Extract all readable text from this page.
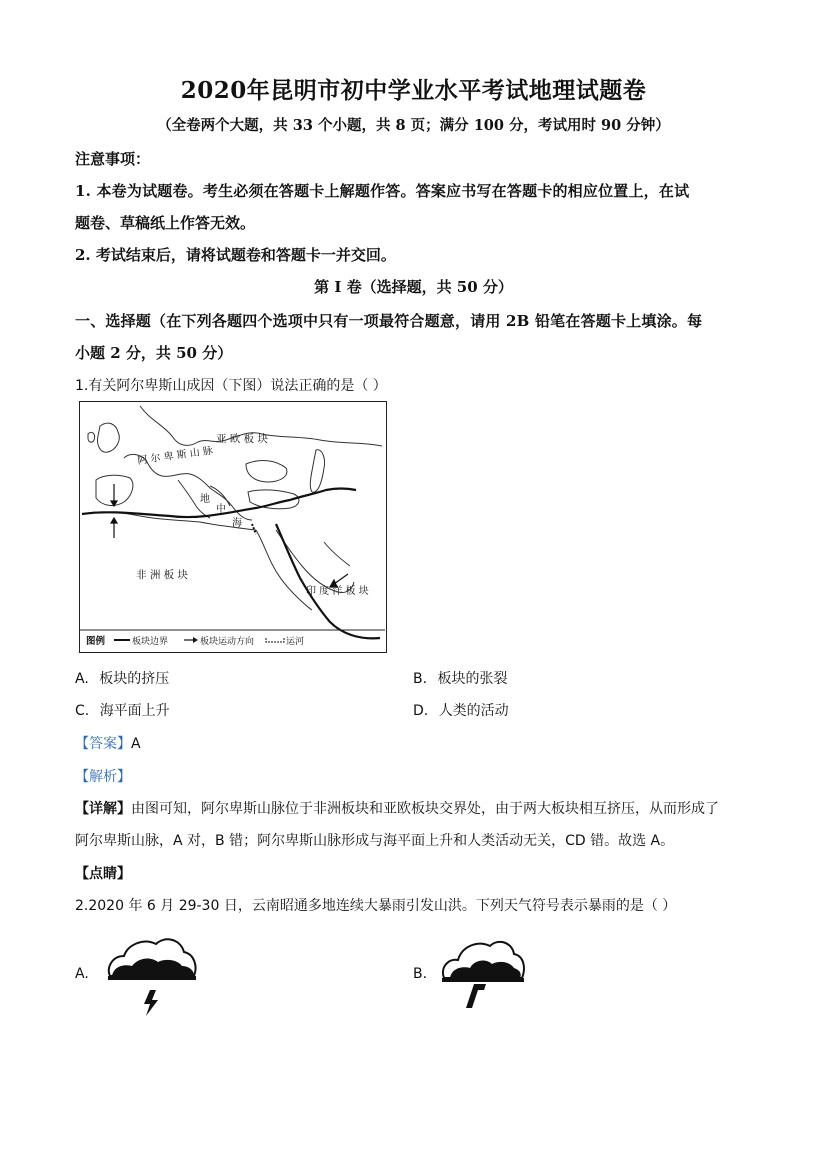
2020年昆明市初中学业水平考试地理试题卷
（全卷两个大题，共 33 个小题，共 8 页；满分 100 分，考试用时 90 分钟）
注意事项：
1. 本卷为试题卷。考生必须在答题卡上解题作答。答案应书写在答题卡的相应位置上，在试
题卷、草稿纸上作答无效。
2. 考试结束后，请将试题卷和答题卡一并交回。
第 I 卷（选择题，共 50 分）
一、选择题（在下列各题四个选项中只有一项最符合题意，请用 2B 铅笔在答题卡上填涂。每
小题 2 分，共 50 分）
1.有关阿尔卑斯山成因（下图）说法正确的是（ ）
亚 欧 板 块
阿 尔 卑 斯 山 脉
地
中
海
非 洲 板 块
印 度 洋 板 块
图例	板块边界	板块运动方向	运河
A. 板块的挤压	B. 板块的张裂
C. 海平面上升	D. 人类的活动
【答案】A
【解析】
【详解】由图可知，阿尔卑斯山脉位于非洲板块和亚欧板块交界处，由于两大板块相互挤压，从而形成了
阿尔卑斯山脉，A 对，B 错；阿尔卑斯山脉形成与海平面上升和人类活动无关，CD 错。故选 A。
【点睛】
2.2020 年 6 月 29-30 日，云南昭通多地连续大暴雨引发山洪。下列天气符号表示暴雨的是（ ）
A.	B.
